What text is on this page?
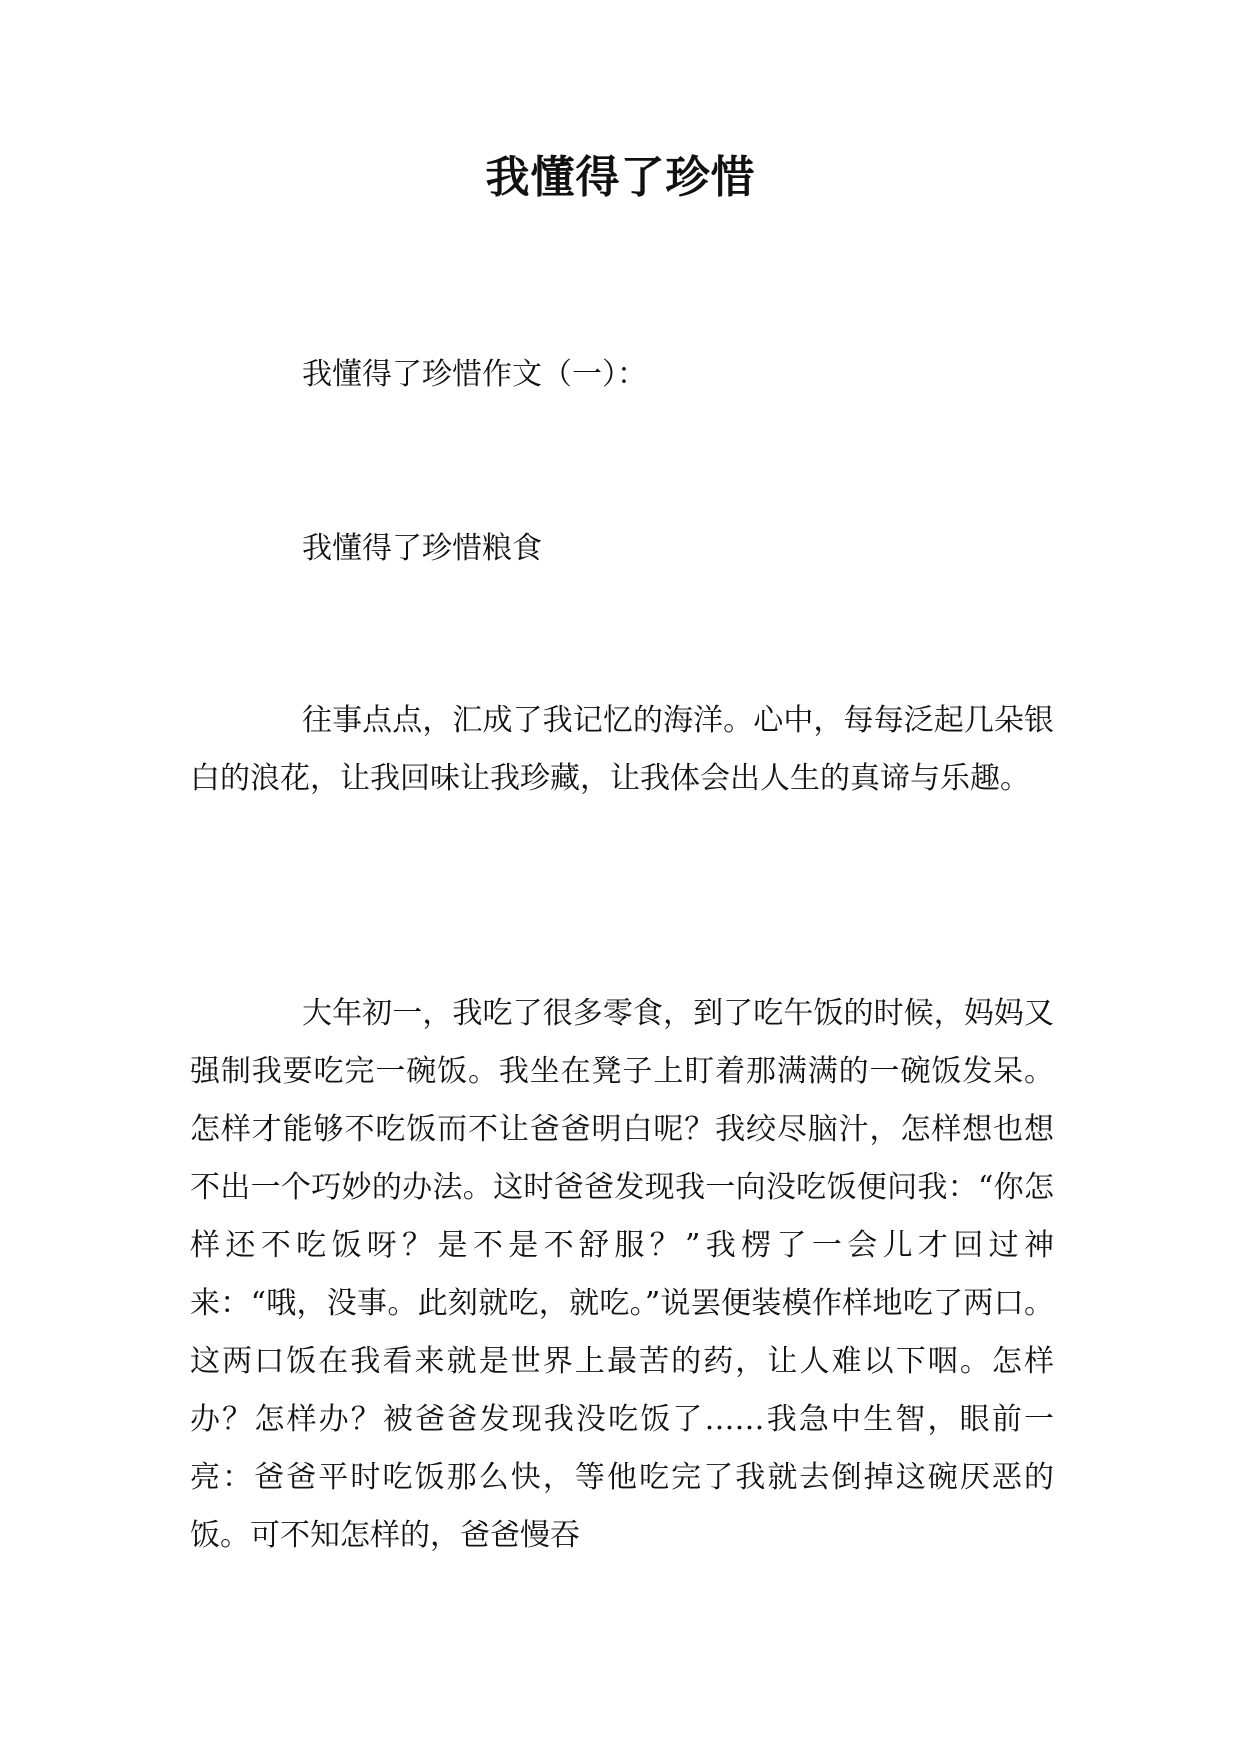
我懂得了珍惜

我懂得了珍惜作文（一）：

我懂得了珍惜粮食

往事点点，汇成了我记忆的海洋。心中，每每泛起几朵银白的浪花，让我回味让我珍藏，让我体会出人生的真谛与乐趣。

大年初一，我吃了很多零食，到了吃午饭的时候，妈妈又强制我要吃完一碗饭。我坐在凳子上盯着那满满的一碗饭发呆。怎样才能够不吃饭而不让爸爸明白呢？我绞尽脑汁，怎样想也想不出一个巧妙的办法。这时爸爸发现我一向没吃饭便问我：“你怎样还不吃饭呀？是不是不舒服？”我楞了一会儿才回过神来：“哦，没事。此刻就吃，就吃。”说罢便装模作样地吃了两口。这两口饭在我看来就是世界上最苦的药，让人难以下咽。怎样办？怎样办？被爸爸发现我没吃饭了……我急中生智，眼前一亮：爸爸平时吃饭那么快，等他吃完了我就去倒掉这碗厌恶的饭。可不知怎样的，爸爸慢吞
